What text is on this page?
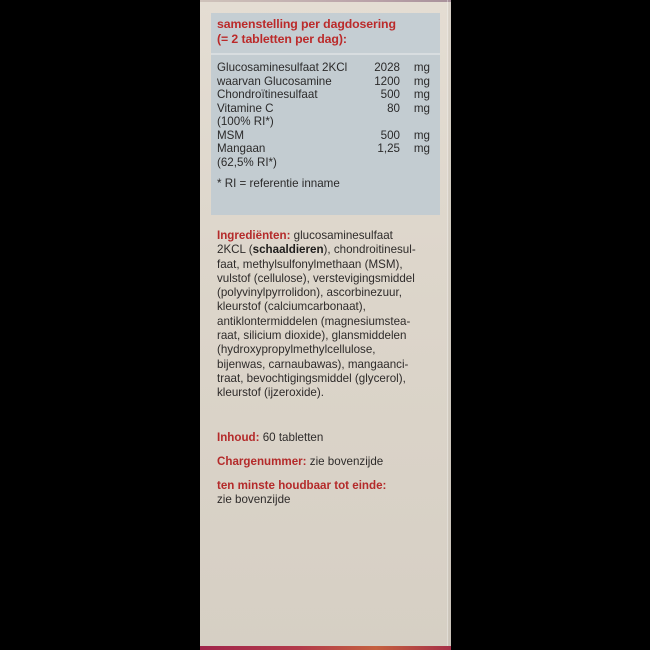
samenstelling per dagdosering
(= 2 tabletten per dag):
Glucosaminesulfaat 2KCl	2028	mg
waarvan Glucosamine	1200	mg
Chondroïtinesulfaat	500	mg
Vitamine C	80	mg
(100% RI*)
MSM	500	mg
Mangaan	1,25	mg
(62,5% RI*)
* RI = referentie inname
Ingrediënten: glucosaminesulfaat
2KCL (schaaldieren), chondroitinesul-
faat, methylsulfonylmethaan (MSM),
vulstof (cellulose), verstevigingsmiddel
(polyvinylpyrrolidon), ascorbinezuur,
kleurstof (calciumcarbonaat),
antiklontermiddelen (magnesiumstea-
raat, silicium dioxide), glansmiddelen
(hydroxypropylmethylcellulose,
bijenwas, carnaubawas), mangaanci-
traat, bevochtigingsmiddel (glycerol),
kleurstof (ijzeroxide).
Inhoud: 60 tabletten
Chargenummer: zie bovenzijde
ten minste houdbaar tot einde:
zie bovenzijde
